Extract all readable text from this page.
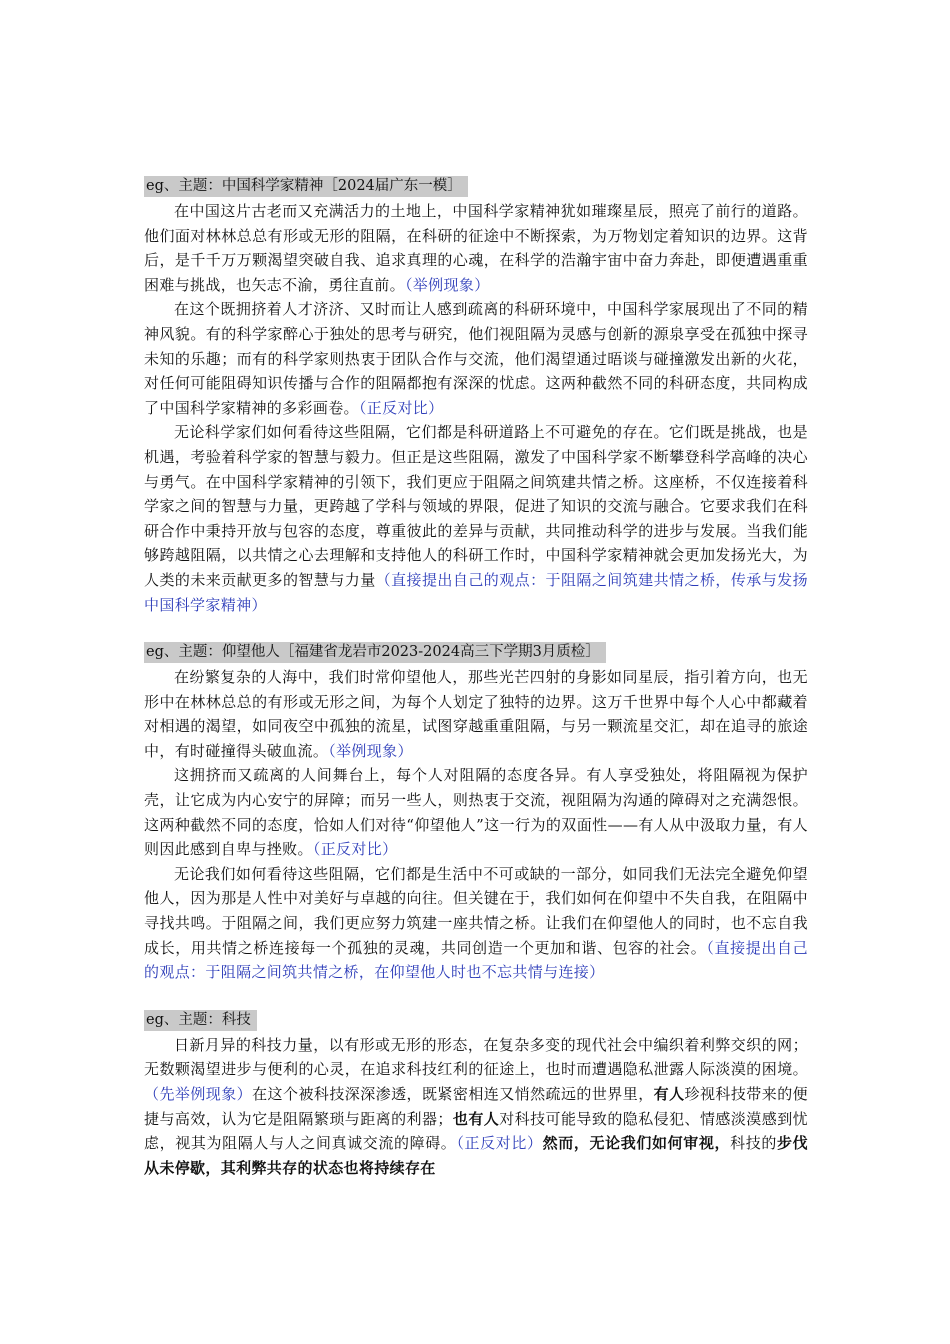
eg、主题：中国科学家精神［2024届广东一模］

在中国这片古老而又充满活力的土地上，中国科学家精神犹如璀璨星辰，照亮了前行的道路。他们面对林林总总有形或无形的阻隔，在科研的征途中不断探索，为万物划定着知识的边界。这背后，是千千万万颗渴望突破自我、追求真理的心魂，在科学的浩瀚宇宙中奋力奔赴，即便遭遇重重困难与挑战，也矢志不渝，勇往直前。（举例现象）

在这个既拥挤着人才济济、又时而让人感到疏离的科研环境中，中国科学家展现出了不同的精神风貌。有的科学家醉心于独处的思考与研究，他们视阻隔为灵感与创新的源泉享受在孤独中探寻未知的乐趣；而有的科学家则热衷于团队合作与交流，他们渴望通过晤谈与碰撞激发出新的火花，对任何可能阻碍知识传播与合作的阻隔都抱有深深的忧虑。这两种截然不同的科研态度，共同构成了中国科学家精神的多彩画卷。（正反对比）

无论科学家们如何看待这些阻隔，它们都是科研道路上不可避免的存在。它们既是挑战，也是机遇，考验着科学家的智慧与毅力。但正是这些阻隔，激发了中国科学家不断攀登科学高峰的决心与勇气。在中国科学家精神的引领下，我们更应于阻隔之间筑建共情之桥。这座桥，不仅连接着科学家之间的智慧与力量，更跨越了学科与领域的界限，促进了知识的交流与融合。它要求我们在科研合作中秉持开放与包容的态度，尊重彼此的差异与贡献，共同推动科学的进步与发展。当我们能够跨越阻隔，以共情之心去理解和支持他人的科研工作时，中国科学家精神就会更加发扬光大，为人类的未来贡献更多的智慧与力量（直接提出自己的观点：于阻隔之间筑建共情之桥，传承与发扬中国科学家精神）

eg、主题：仰望他人［福建省龙岩市2023-2024高三下学期3月质检］

在纷繁复杂的人海中，我们时常仰望他人，那些光芒四射的身影如同星辰，指引着方向，也无形中在林林总总的有形或无形之间，为每个人划定了独特的边界。这万千世界中每个人心中都藏着对相遇的渴望，如同夜空中孤独的流星，试图穿越重重阻隔，与另一颗流星交汇，却在追寻的旅途中，有时碰撞得头破血流。（举例现象）

这拥挤而又疏离的人间舞台上，每个人对阻隔的态度各异。有人享受独处，将阻隔视为保护壳，让它成为内心安宁的屏障；而另一些人，则热衷于交流，视阻隔为沟通的障碍对之充满怨恨。这两种截然不同的态度，恰如人们对待“仰望他人”这一行为的双面性——有人从中汲取力量，有人则因此感到自卑与挫败。（正反对比）

无论我们如何看待这些阻隔，它们都是生活中不可或缺的一部分，如同我们无法完全避免仰望他人，因为那是人性中对美好与卓越的向往。但关键在于，我们如何在仰望中不失自我，在阻隔中寻找共鸣。于阻隔之间，我们更应努力筑建一座共情之桥。让我们在仰望他人的同时，也不忘自我成长，用共情之桥连接每一个孤独的灵魂，共同创造一个更加和谐、包容的社会。（直接提出自己的观点：于阻隔之间筑共情之桥，在仰望他人时也不忘共情与连接）

eg、主题：科技

日新月异的科技力量，以有形或无形的形态，在复杂多变的现代社会中编织着利弊交织的网；无数颗渴望进步与便利的心灵，在追求科技红利的征途上，也时而遭遇隐私泄露人际淡漠的困境。（先举例现象）在这个被科技深深渗透，既紧密相连又悄然疏远的世界里，有人珍视科技带来的便捷与高效，认为它是阻隔繁琐与距离的利器；也有人对科技可能导致的隐私侵犯、情感淡漠感到忧虑，视其为阻隔人与人之间真诚交流的障碍。（正反对比）然而，无论我们如何审视，科技的步伐从未停歇，其利弊共存的状态也将持续存在
